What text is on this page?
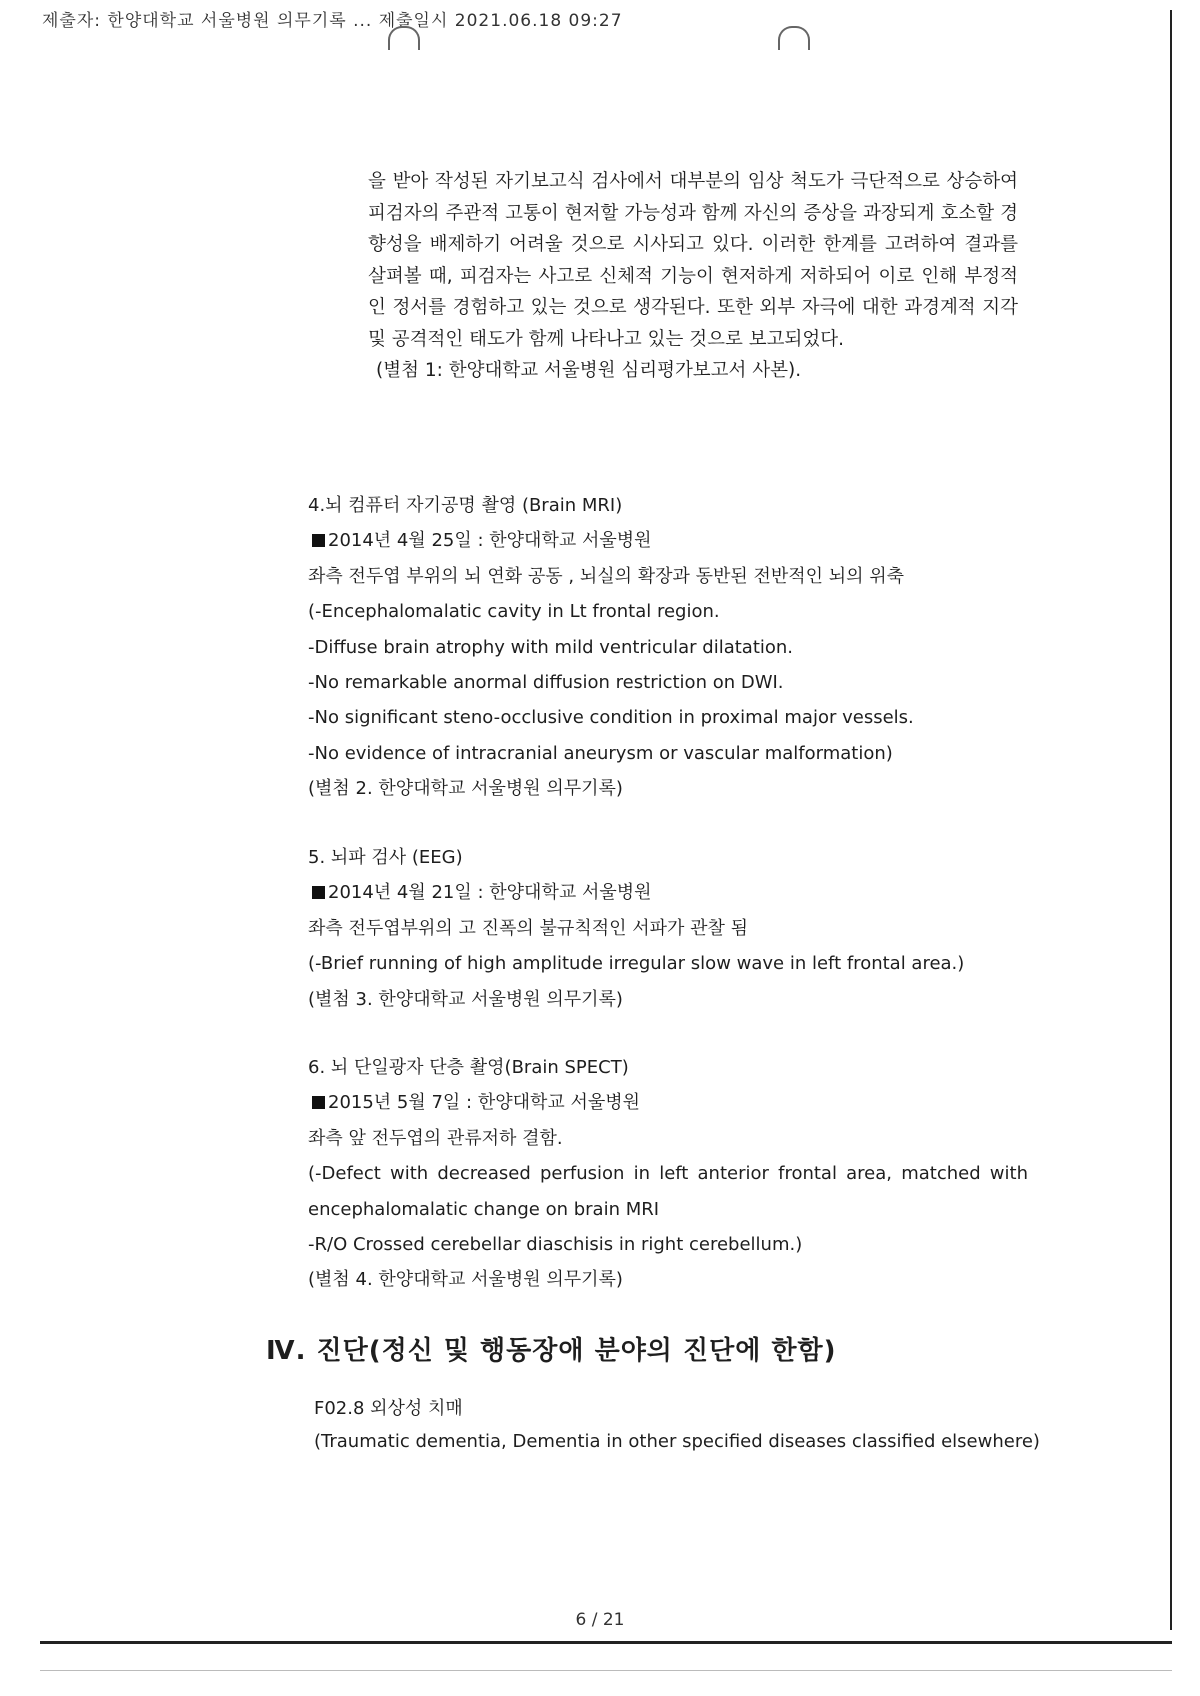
제출자: 한양대학교 서울병원 의무기록 ... 제출일시 2021.06.18 09:27

을 받아 작성된 자기보고식 검사에서 대부분의 임상 척도가 극단적으로 상승하여 피검자의 주관적 고통이 현저할 가능성과 함께 자신의 증상을 과장되게 호소할 경향성을 배제하기 어려울 것으로 시사되고 있다. 이러한 한계를 고려하여 결과를 살펴볼 때, 피검자는 사고로 신체적 기능이 현저하게 저하되어 이로 인해 부정적인 정서를 경험하고 있는 것으로 생각된다. 또한 외부 자극에 대한 과경계적 지각 및 공격적인 태도가 함께 나타나고 있는 것으로 보고되었다.

(별첨 1: 한양대학교 서울병원 심리평가보고서 사본).

4.뇌 컴퓨터 자기공명 촬영 (Brain MRI)
2014년 4월 25일 : 한양대학교 서울병원
좌측 전두엽 부위의 뇌 연화 공동 , 뇌실의 확장과 동반된 전반적인 뇌의 위축
(-Encephalomalatic cavity in Lt frontal region.
-Diffuse brain atrophy with mild ventricular dilatation.
-No remarkable anormal diffusion restriction on DWI.
-No significant steno-occlusive condition in proximal major vessels.
-No evidence of intracranial aneurysm or vascular malformation)
(별첨 2. 한양대학교 서울병원 의무기록)
5. 뇌파 검사 (EEG)
2014년 4월 21일 : 한양대학교 서울병원
좌측 전두엽부위의 고 진폭의 불규칙적인 서파가 관찰 됨
(-Brief running of high amplitude irregular slow wave in left frontal area.)
(별첨 3. 한양대학교 서울병원 의무기록)
6. 뇌 단일광자 단층 촬영(Brain SPECT)
2015년 5월 7일 : 한양대학교 서울병원
좌측 앞 전두엽의 관류저하 결함.
(-Defect with decreased perfusion in left anterior frontal area, matched with encephalomalatic change on brain MRI
-R/O Crossed cerebellar diaschisis in right cerebellum.)
(별첨 4. 한양대학교 서울병원 의무기록)
Ⅳ. 진단(정신 및 행동장애 분야의 진단에 한함)
F02.8 외상성 치매
(Traumatic dementia, Dementia in other specified diseases classified elsewhere)
6 / 21
